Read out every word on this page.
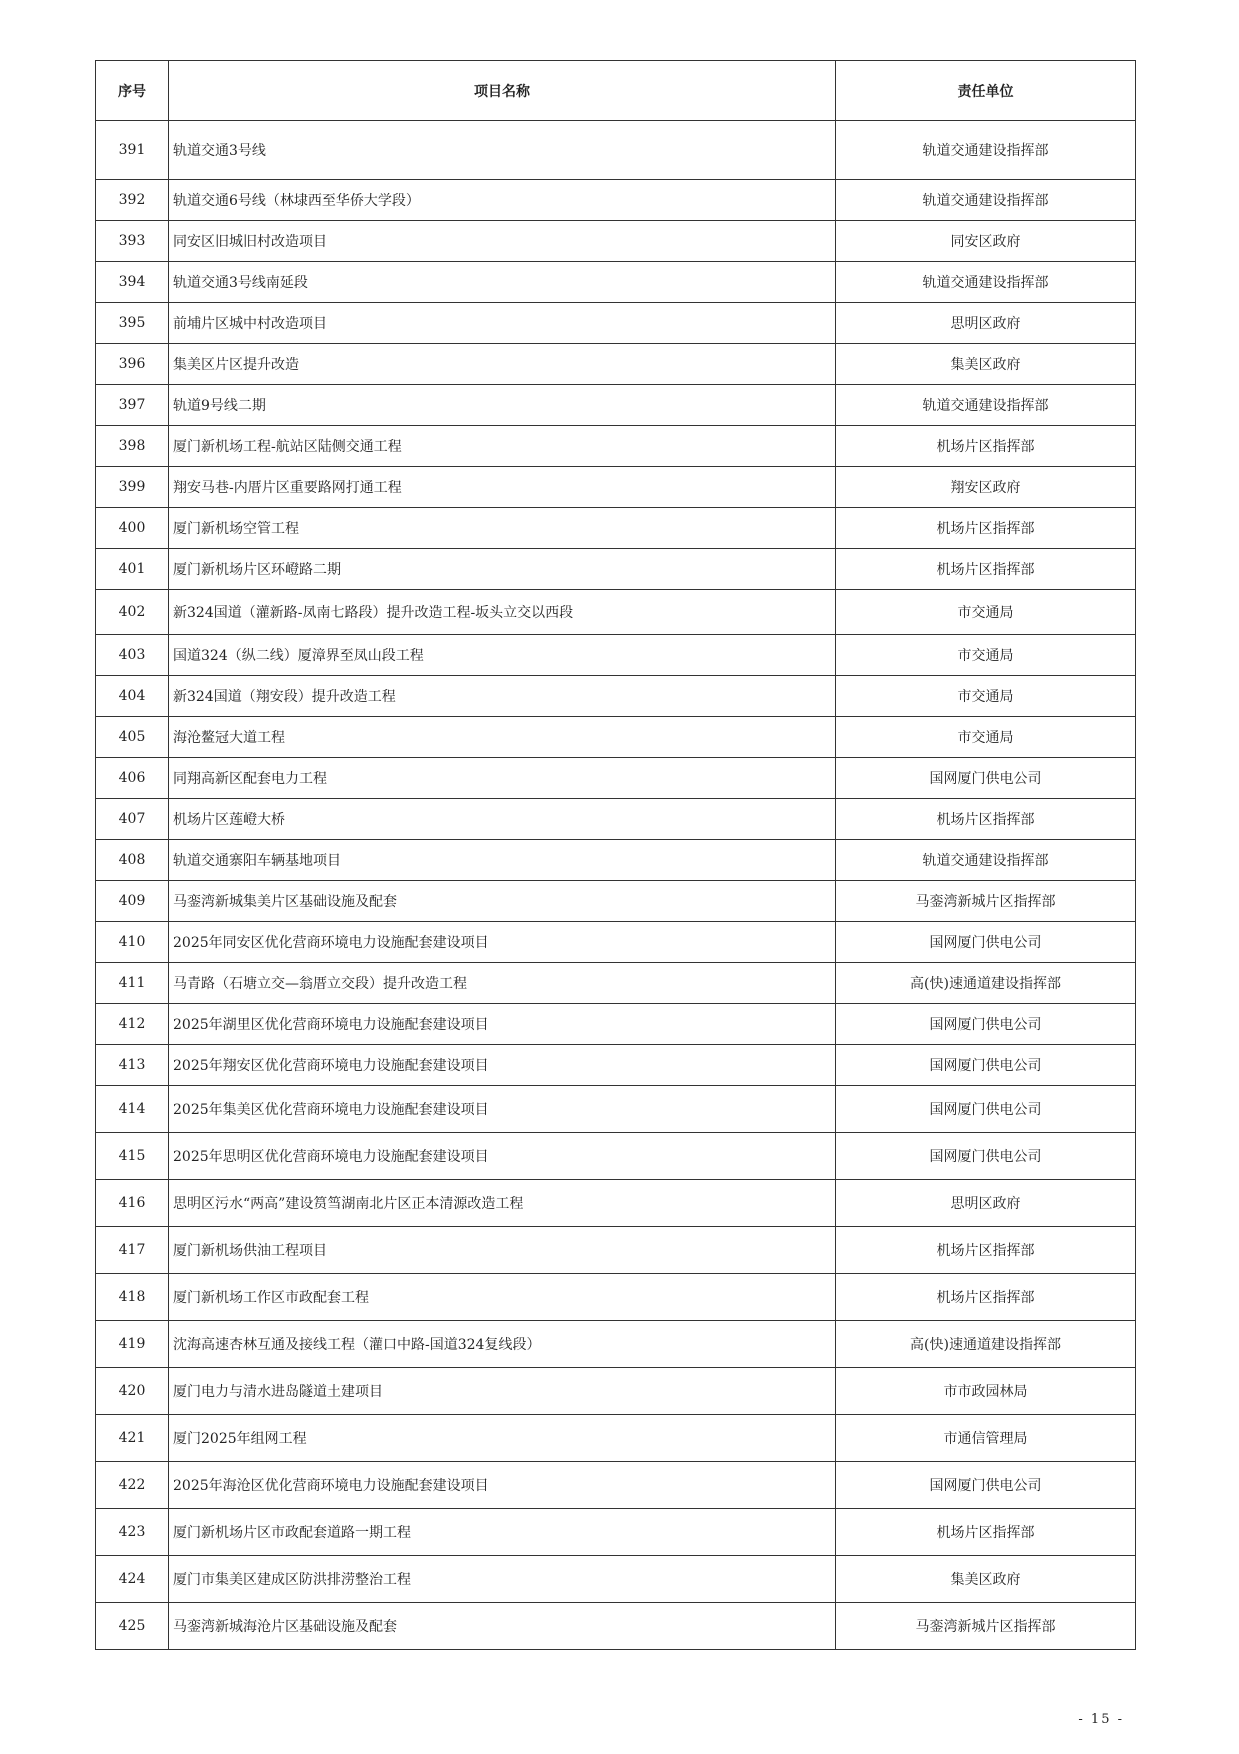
序号	项目名称	责任单位
391	轨道交通3号线	轨道交通建设指挥部
392	轨道交通6号线（林埭西至华侨大学段）	轨道交通建设指挥部
393	同安区旧城旧村改造项目	同安区政府
394	轨道交通3号线南延段	轨道交通建设指挥部
395	前埔片区城中村改造项目	思明区政府
396	集美区片区提升改造	集美区政府
397	轨道9号线二期	轨道交通建设指挥部
398	厦门新机场工程-航站区陆侧交通工程	机场片区指挥部
399	翔安马巷-内厝片区重要路网打通工程	翔安区政府
400	厦门新机场空管工程	机场片区指挥部
401	厦门新机场片区环嶝路二期	机场片区指挥部
402	新324国道（灌新路-凤南七路段）提升改造工程-坂头立交以西段	市交通局
403	国道324（纵二线）厦漳界至凤山段工程	市交通局
404	新324国道（翔安段）提升改造工程	市交通局
405	海沧鳌冠大道工程	市交通局
406	同翔高新区配套电力工程	国网厦门供电公司
407	机场片区莲嶝大桥	机场片区指挥部
408	轨道交通寨阳车辆基地项目	轨道交通建设指挥部
409	马銮湾新城集美片区基础设施及配套	马銮湾新城片区指挥部
410	2025年同安区优化营商环境电力设施配套建设项目	国网厦门供电公司
411	马青路（石塘立交—翁厝立交段）提升改造工程	高(快)速通道建设指挥部
412	2025年湖里区优化营商环境电力设施配套建设项目	国网厦门供电公司
413	2025年翔安区优化营商环境电力设施配套建设项目	国网厦门供电公司
414	2025年集美区优化营商环境电力设施配套建设项目	国网厦门供电公司
415	2025年思明区优化营商环境电力设施配套建设项目	国网厦门供电公司
416	思明区污水“两高”建设筼筜湖南北片区正本清源改造工程	思明区政府
417	厦门新机场供油工程项目	机场片区指挥部
418	厦门新机场工作区市政配套工程	机场片区指挥部
419	沈海高速杏林互通及接线工程（灌口中路-国道324复线段）	高(快)速通道建设指挥部
420	厦门电力与清水进岛隧道土建项目	市市政园林局
421	厦门2025年组网工程	市通信管理局
422	2025年海沧区优化营商环境电力设施配套建设项目	国网厦门供电公司
423	厦门新机场片区市政配套道路一期工程	机场片区指挥部
424	厦门市集美区建成区防洪排涝整治工程	集美区政府
425	马銮湾新城海沧片区基础设施及配套	马銮湾新城片区指挥部
- 15 -
